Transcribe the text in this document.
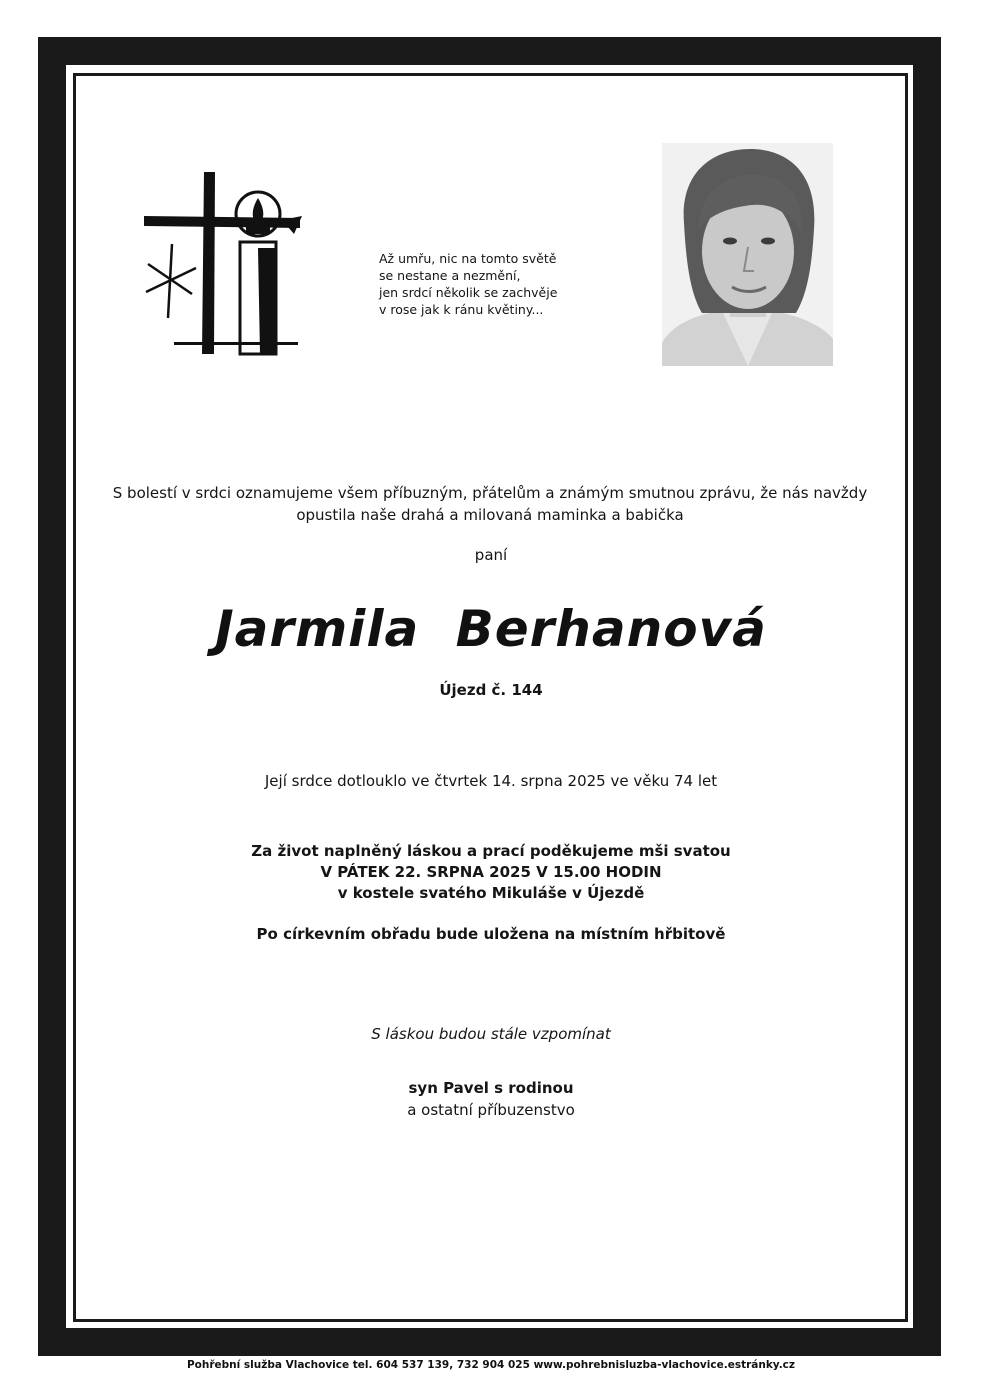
Až umřu, nic na tomto světě
se nestane a nezmění,
jen srdcí několik se zachvěje
v rose jak k ránu květiny...
S bolestí v srdci oznamujeme všem příbuzným, přátelům a známým smutnou zprávu, že nás navždy
opustila naše drahá a milovaná maminka a babička
paní
Jarmila Berhanová
Újezd č. 144
Její srdce dotlouklo ve čtvrtek 14. srpna 2025 ve věku 74 let
Za život naplněný láskou a prací poděkujeme mši svatou
V PÁTEK 22. SRPNA 2025 V 15.00 HODIN
v kostele svatého Mikuláše v Újezdě
Po církevním obřadu bude uložena na místním hřbitově
S láskou budou stále vzpomínat
syn Pavel s rodinou
a ostatní příbuzenstvo
Pohřební služba Vlachovice tel. 604 537 139, 732 904 025 www.pohrebnisluzba-vlachovice.estránky.cz
